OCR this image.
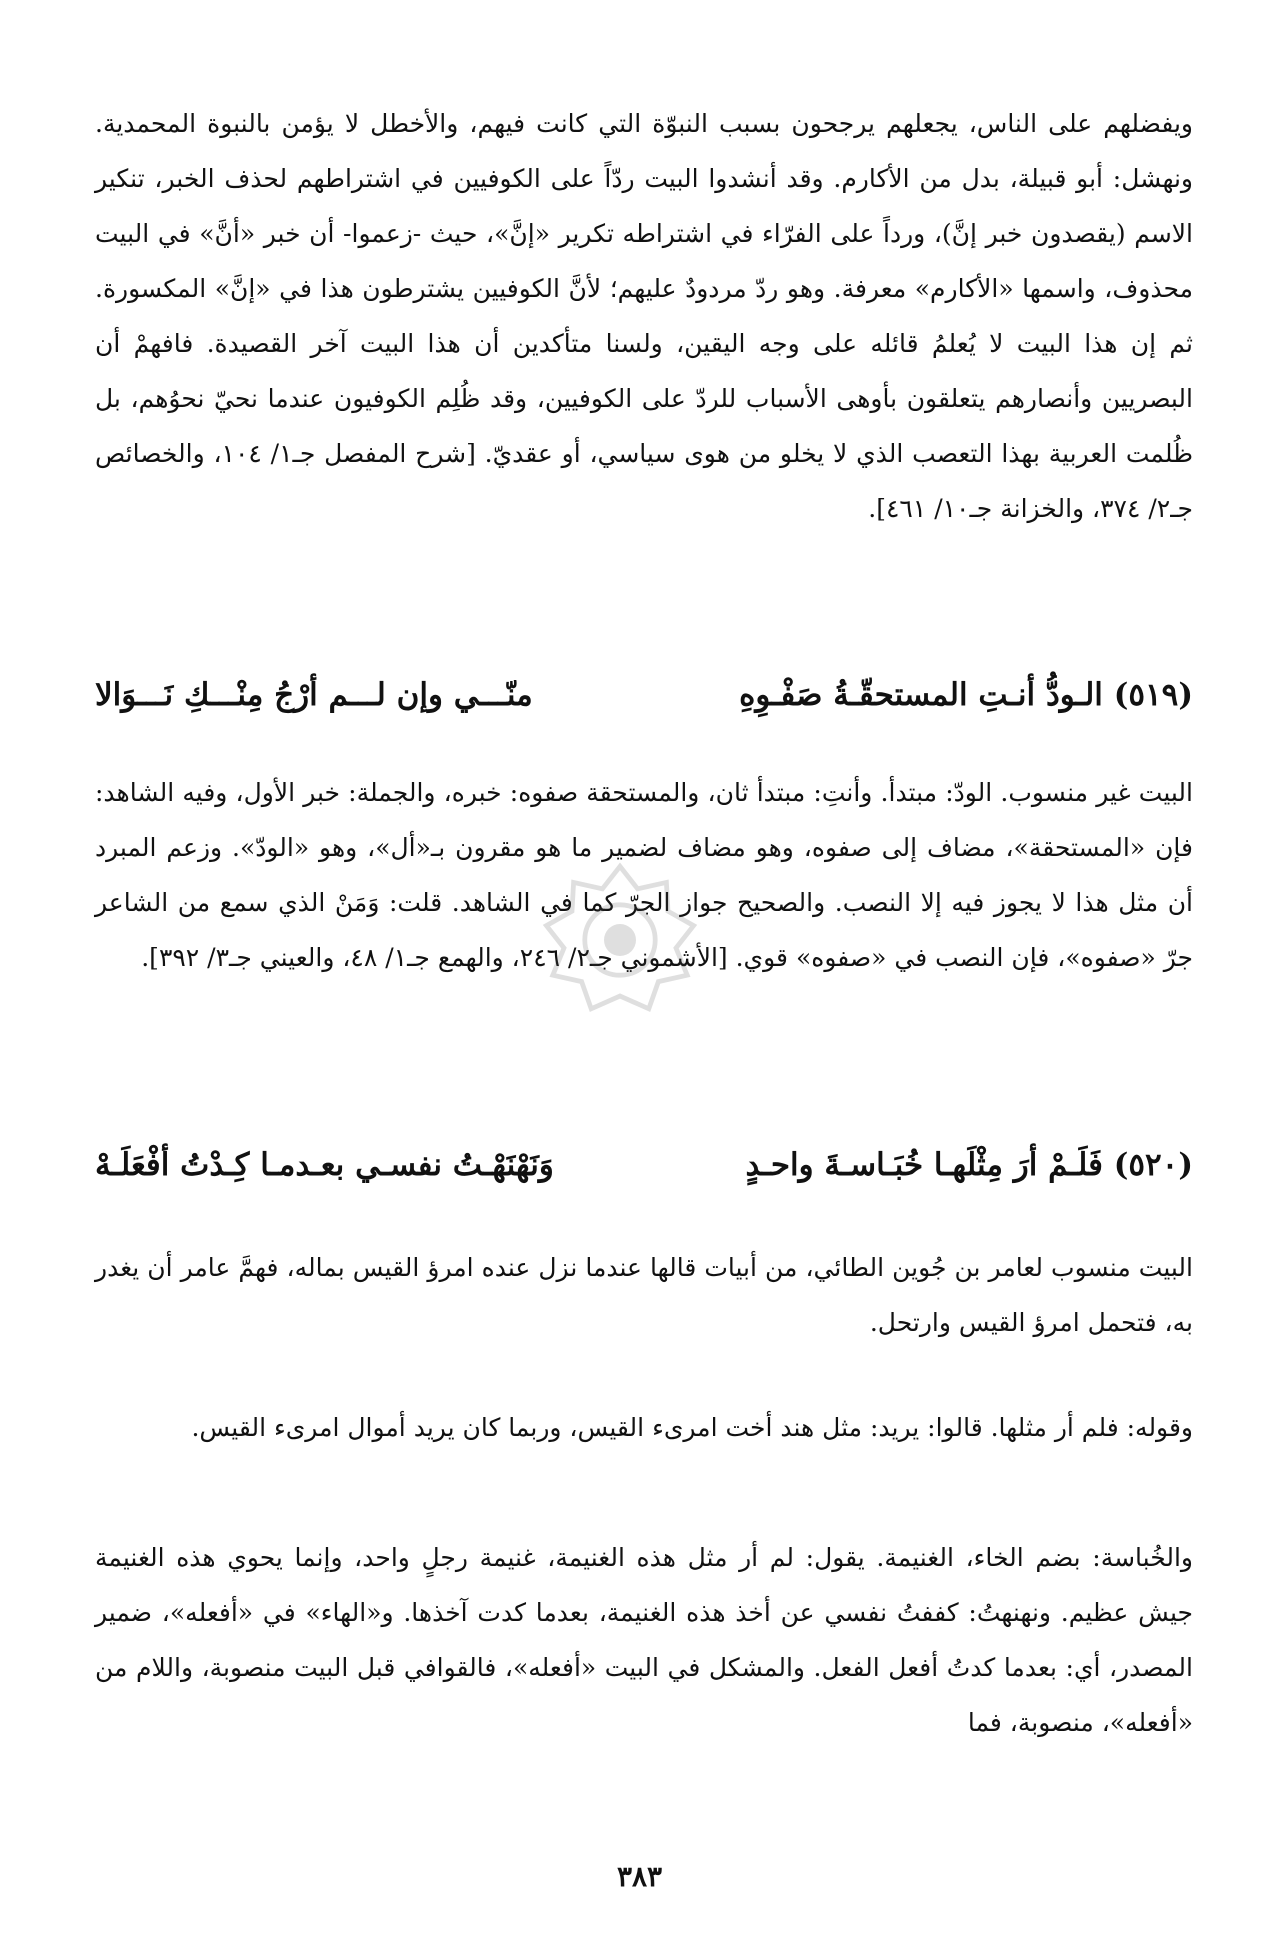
ويفضلهم على الناس، يجعلهم يرجحون بسبب النبوّة التي كانت فيهم، والأخطل لا يؤمن بالنبوة المحمدية. ونهشل: أبو قبيلة، بدل من الأكارم. وقد أنشدوا البيت ردّاً على الكوفيين في اشتراطهم لحذف الخبر، تنكير الاسم (يقصدون خبر إنَّ)، ورداً على الفرّاء في اشتراطه تكرير «إنَّ»، حيث -زعموا- أن خبر «أنَّ» في البيت محذوف، واسمها «الأكارم» معرفة. وهو ردّ مردودٌ عليهم؛ لأنَّ الكوفيين يشترطون هذا في «إنَّ» المكسورة. ثم إن هذا البيت لا يُعلمُ قائله على وجه اليقين، ولسنا متأكدين أن هذا البيت آخر القصيدة. فافهمْ أن البصريين وأنصارهم يتعلقون بأوهى الأسباب للردّ على الكوفيين، وقد ظُلِم الكوفيون عندما نحيّ نحوُهم، بل ظُلمت العربية بهذا التعصب الذي لا يخلو من هوى سياسي، أو عقديّ. [شرح المفصل جـ١/ ١٠٤، والخصائص جـ٢/ ٣٧٤، والخزانة جـ١٠/ ٤٦١].

(٥١٩) الـودُّ أنـتِ المستحقّـةُ صَفْـوِهِ
منّـــي وإن لـــم أرْجُ مِنْـــكِ نَـــوَالا

البيت غير منسوب. الودّ: مبتدأ. وأنتِ: مبتدأ ثان، والمستحقة صفوه: خبره، والجملة: خبر الأول، وفيه الشاهد: فإن «المستحقة»، مضاف إلى صفوه، وهو مضاف لضمير ما هو مقرون بـ«أل»، وهو «الودّ». وزعم المبرد أن مثل هذا لا يجوز فيه إلا النصب. والصحيح جواز الجرّ كما في الشاهد. قلت: وَمَنْ الذي سمع من الشاعر جرّ «صفوه»، فإن النصب في «صفوه» قوي. [الأشموني جـ٢/ ٢٤٦، والهمع جـ١/ ٤٨، والعيني جـ٣/ ٣٩٢].

(٥٢٠) فَلَـمْ أرَ مِثْلَهـا خُبَـاسـةَ واحـدٍ
وَنَهْنَهْـتُ نفسـي بعـدمـا كِـدْتُ أفْعَلَـهْ

البيت منسوب لعامر بن جُوين الطائي، من أبيات قالها عندما نزل عنده امرؤ القيس بماله، فهمَّ عامر أن يغدر به، فتحمل امرؤ القيس وارتحل.

وقوله: فلم أر مثلها. قالوا: يريد: مثل هند أخت امرىء القيس، وربما كان يريد أموال امرىء القيس.

والخُباسة: بضم الخاء، الغنيمة. يقول: لم أر مثل هذه الغنيمة، غنيمة رجلٍ واحد، وإنما يحوي هذه الغنيمة جيش عظيم. ونهنهتُ: كففتُ نفسي عن أخذ هذه الغنيمة، بعدما كدت آخذها. و«الهاء» في «أفعله»، ضمير المصدر، أي: بعدما كدتُ أفعل الفعل. والمشكل في البيت «أفعله»، فالقوافي قبل البيت منصوبة، واللام من «أفعله»، منصوبة، فما

٣٨٣
